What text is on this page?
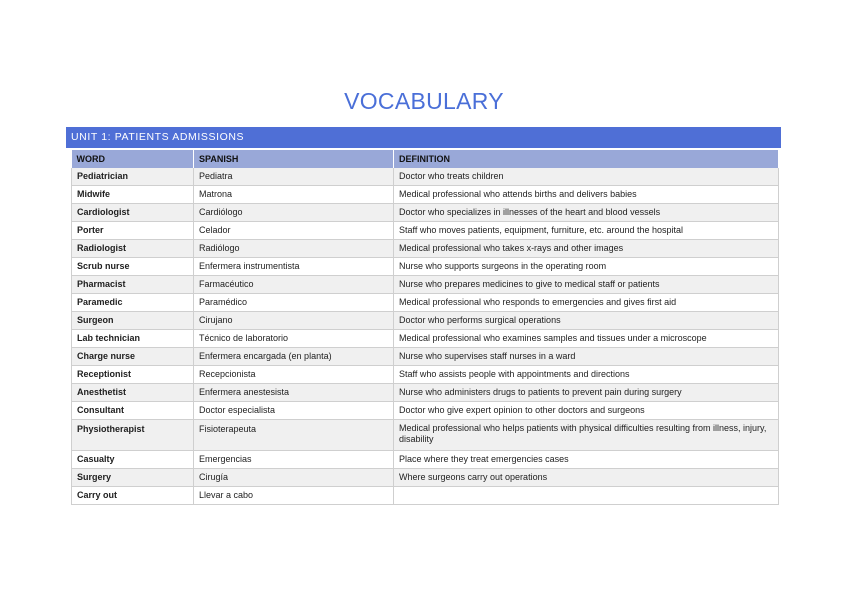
VOCABULARY
UNIT 1: PATIENTS ADMISSIONS
WORD	SPANISH	DEFINITION
Pediatrician	Pediatra	Doctor who treats children
Midwife	Matrona	Medical professional who attends births and delivers babies
Cardiologist	Cardiólogo	Doctor who specializes in illnesses of the heart and blood vessels
Porter	Celador	Staff who moves patients, equipment, furniture, etc. around the hospital
Radiologist	Radiólogo	Medical professional who takes x-rays and other images
Scrub nurse	Enfermera instrumentista	Nurse who supports surgeons in the operating room
Pharmacist	Farmacéutico	Nurse who prepares medicines to give to medical staff or patients
Paramedic	Paramédico	Medical professional who responds to emergencies and gives first aid
Surgeon	Cirujano	Doctor who performs surgical operations
Lab technician	Técnico de laboratorio	Medical professional who examines samples and tissues under a microscope
Charge nurse	Enfermera encargada (en planta)	Nurse who supervises staff nurses in a ward
Receptionist	Recepcionista	Staff who assists people with appointments and directions
Anesthetist	Enfermera anestesista	Nurse who administers drugs to patients to prevent pain during surgery
Consultant	Doctor especialista	Doctor who give expert opinion to other doctors and surgeons
Physiotherapist	Fisioterapeuta	Medical professional who helps patients with physical difficulties resulting from illness, injury, disability
Casualty	Emergencias	Place where they treat emergencies cases
Surgery	Cirugía	Where surgeons carry out operations
Carry out	Llevar a cabo	
